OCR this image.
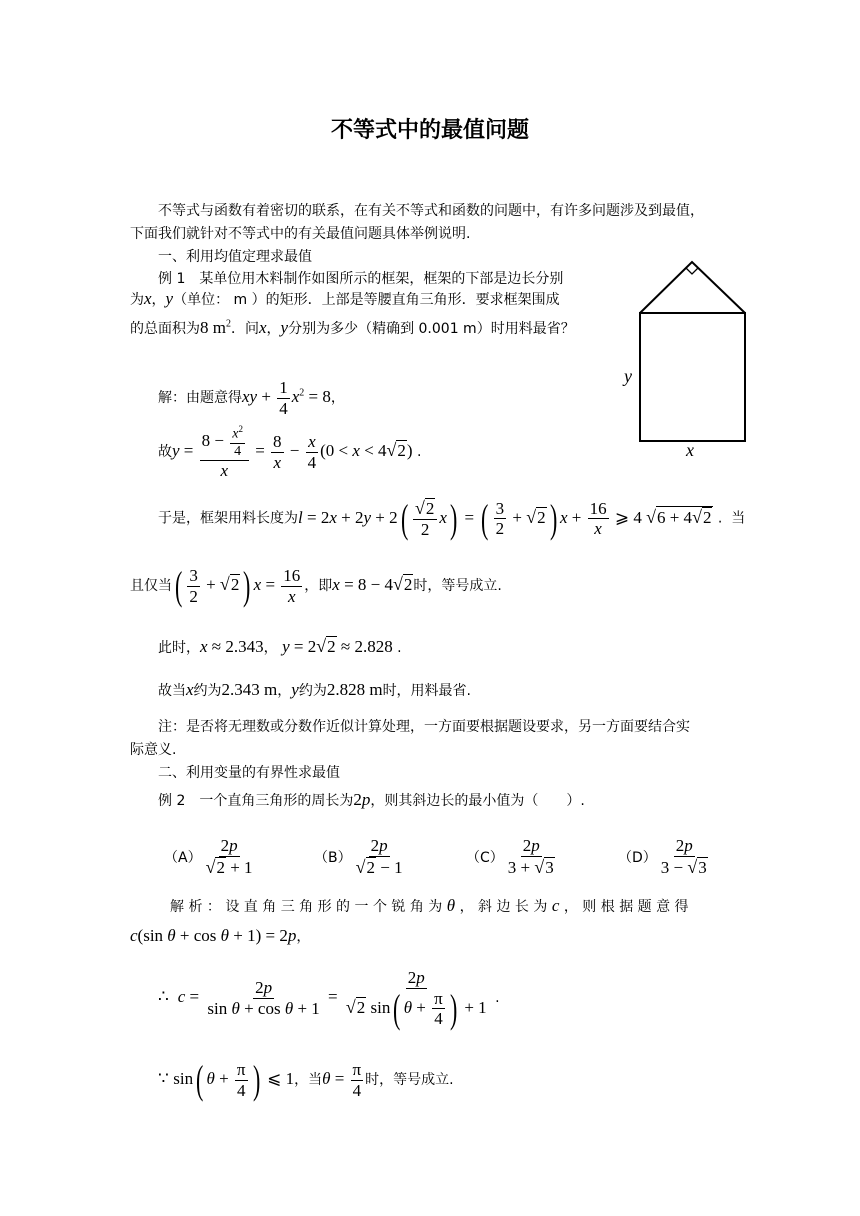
不等式中的最值问题
不等式与函数有着密切的联系，在有关不等式和函数的问题中，有许多问题涉及到最值，
下面我们就针对不等式中的有关最值问题具体举例说明.
一、利用均值定理求最值
例 1　某单位用木料制作如图所示的框架，框架的下部是边长分别
为x，y（单位： m ）的矩形．上部是等腰直角三角形．要求框架围成
的总面积为8 $m^2$．问x，y分别为多少（精确到 0.001 m）时用料最省？
y
x
解：由题意得xy + $\frac{1}{4} x^2 = 8$，
故$y = \frac{8 - \frac{x^2}{4}}{x} = \frac{8}{x} - \frac{x}{4} (0 < x < 4√2)$ .
于是，框架用料长度为$l = 2x + 2y + 2( \frac{√2}{2} x)$ = ( $\frac{3}{2} + √2$) $x + \frac{16}{x}$ ⩾ 4 √6 + 4√2 . 当
且仅当( $\frac{3}{2} + √2$) $x = \frac{16}{x}$ ，即x = 8 − 4√2时，等号成立.
此时，x ≈ 2.343， y = 2√2 ≈ 2.828 .
故当x约为2.343 m，y约为2.828 m时，用料最省.
注：是否将无理数或分数作近似计算处理，一方面要根据题设要求，另一方面要结合实
际意义.
二、利用变量的有界性求最值
例 2　一个直角三角形的周长为2p，则其斜边长的最小值为（　　）.
$(A) \frac{2p}{√2 + 1}$	$(B) \frac{2p}{√2 - 1}$	$(C) \frac{2p}{3 + √3}$	$(D) \frac{2p}{3 - √3}$
解 析 ： 设 直 角 三 角 形 的 一 个 锐 角 为 θ ， 斜 边 长 为 c ， 则 根 据 题 意 得
c(sin θ + cos θ + 1) = 2p，
∴ $c = \frac{2p}{\text{sin θ + cos θ + 1}} = \frac{2p}{√2 \sin( \theta + \frac{\pi}{4} ) + 1}$ .
∵ sin( $\theta + \frac{\pi}{4}$ ) ⩽ 1，当$\theta = \frac{\pi}{4}$ 时，等号成立.
